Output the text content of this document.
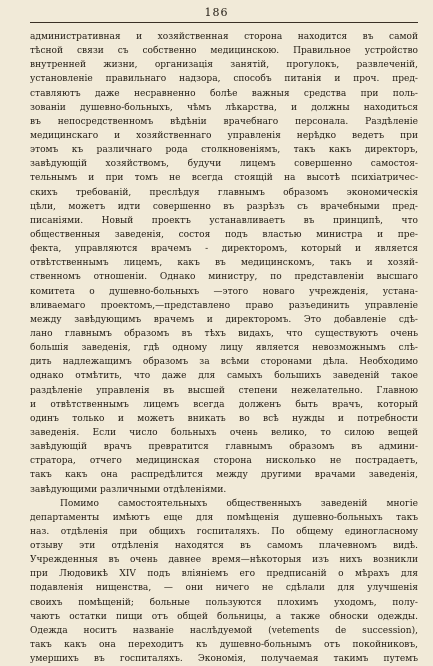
186
административная и хозяйственная сторона находится въ самой
тѣсной связи съ собственно медицинскою. Правильное устройство
внутренней жизни, организація занятій, прогулокъ, развлеченій,
установленіе правильнаго надзора, способъ питанія и проч. пред-
ставляютъ даже несравненно болѣе важныя средства при поль-
зованіи душевно-больныхъ, чѣмъ лѣкарства, и должны находиться
въ непосредственномъ вѣдѣніи врачебнаго персонала. Раздѣленіе
медицинскаго и хозяйственнаго управленія нерѣдко ведетъ при
этомъ къ различнаго рода столкновеніямъ, такъ какъ директоръ,
завѣдующій хозяйствомъ, будучи лицемъ совершенно самостоя-
тельнымъ и при томъ не всегда стоящій на высотѣ психіатричес-
скихъ требованій, преслѣдуя главнымъ образомъ экономическія
цѣли, можетъ идти совершенно въ разрѣзъ съ врачебными пред-
писаніями. Новый проектъ устанавливаетъ въ принципѣ, что
общественныя заведенія, состоя подъ властью министра и пре-
фекта, управляются врачемъ - директоромъ, который и является
отвѣтственнымъ лицемъ, какъ въ медицинскомъ, такъ и хозяй-
ственномъ отношеніи. Однако министру, по представленіи высшаго
комитета о душевно-больныхъ —этого новаго учрежденія, устана-
вливаемаго проектомъ,—представлено право разъединить управленіе
между завѣдующимъ врачемъ и директоромъ. Это добавленіе сдѣ-
лано главнымъ образомъ въ тѣхъ видахъ, что существуютъ очень
большія заведенія, гдѣ одному лицу является невозможнымъ слѣ-
дить надлежащимъ образомъ за всѣми сторонами дѣла. Необходимо
однако отмѣтить, что даже для самыхъ большихъ заведеній такое
раздѣленіе управленія въ высшей степени нежелательно. Главною
и отвѣтственнымъ лицемъ всегда долженъ быть врачъ, который
одинъ только и можетъ вникать во всѣ нужды и потребности
заведенія. Если число больныхъ очень велико, то силою вещей
завѣдующій врачъ превратится главнымъ образомъ въ админи-
стратора, отчего медицинская сторона нисколько не пострадаетъ,
такъ какъ она распредѣлится между другими врачами заведенія,
завѣдующими различными отдѣленіями.
Помимо самостоятельныхъ общественныхъ заведеній многіе
департаменты имѣютъ еще для помѣщенія душевно-больныхъ такъ
наз. отдѣленія при общихъ госпиталяхъ. По общему единогласному
отзыву эти отдѣленія находятся въ самомъ плачевномъ видѣ.
Учрежденныя въ очень давнее время—нѣкоторыя изъ нихъ возникли
при Людовикѣ XIV подъ вліяніемъ его предписаній о мѣрахъ для
подавленія нищенства, — они ничего не сдѣлали для улучшенія
своихъ помѣщеній; больные пользуются плохимъ уходомъ, полу-
чаютъ остатки пищи отъ общей больницы, а также обноски одежды.
Одежда носитъ названіе наслѣдуемой (vetements de succession),
такъ какъ она переходитъ къ душевно-больнымъ отъ покойниковъ,
умершихъ въ госпиталяхъ. Экономія, получаемая такимъ путемъ
